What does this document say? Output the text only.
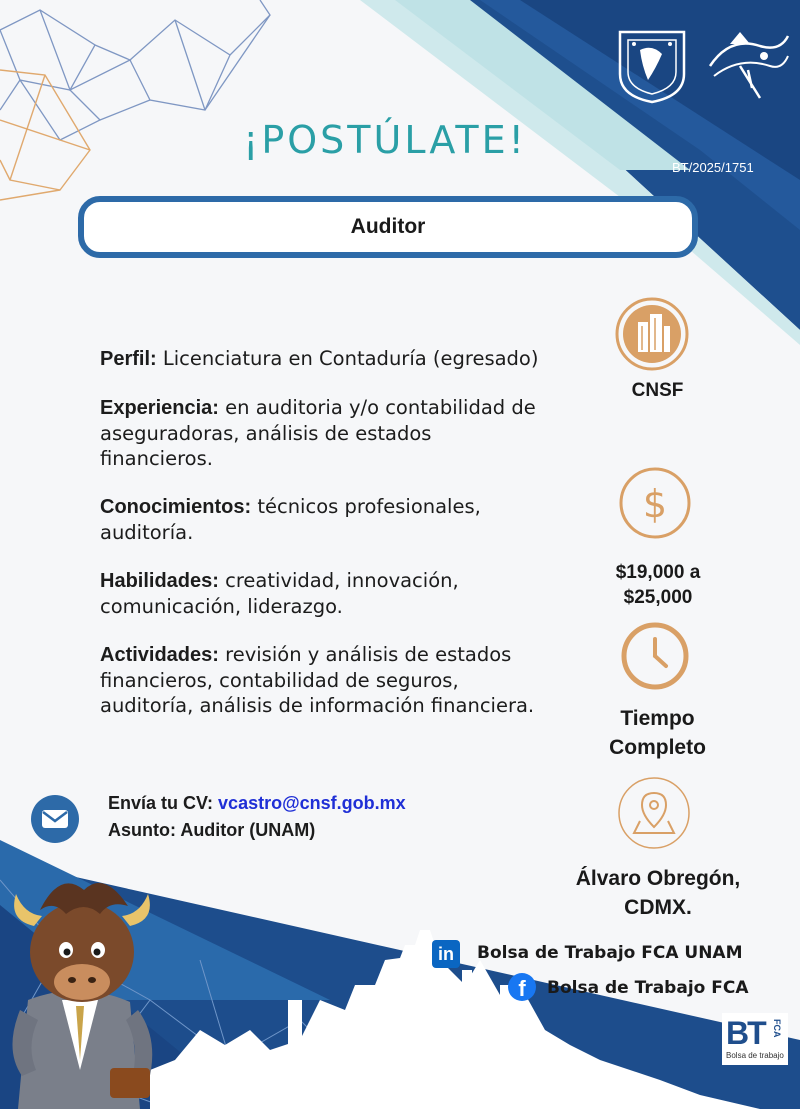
¡POSTÚLATE!
BT/2025/1751
Auditor

Perfil: Licenciatura en Contaduría (egresado)

Experiencia: en auditoria y/o contabilidad de aseguradoras, análisis de estados financieros.

Conocimientos: técnicos profesionales, auditoría.

Habilidades: creatividad, innovación, comunicación, liderazgo.

Actividades: revisión y análisis de estados financieros, contabilidad de seguros, auditoría, análisis de información financiera.

CNSF
$
$19,000 a
$25,000
Tiempo
Completo
Álvaro Obregón,
CDMX.
Envía tu CV: vcastro@cnsf.gob.mx
Asunto: Auditor (UNAM)
in	Bolsa de Trabajo FCA UNAM
f	Bolsa de Trabajo FCA
BT FCA
Bolsa de trabajo
